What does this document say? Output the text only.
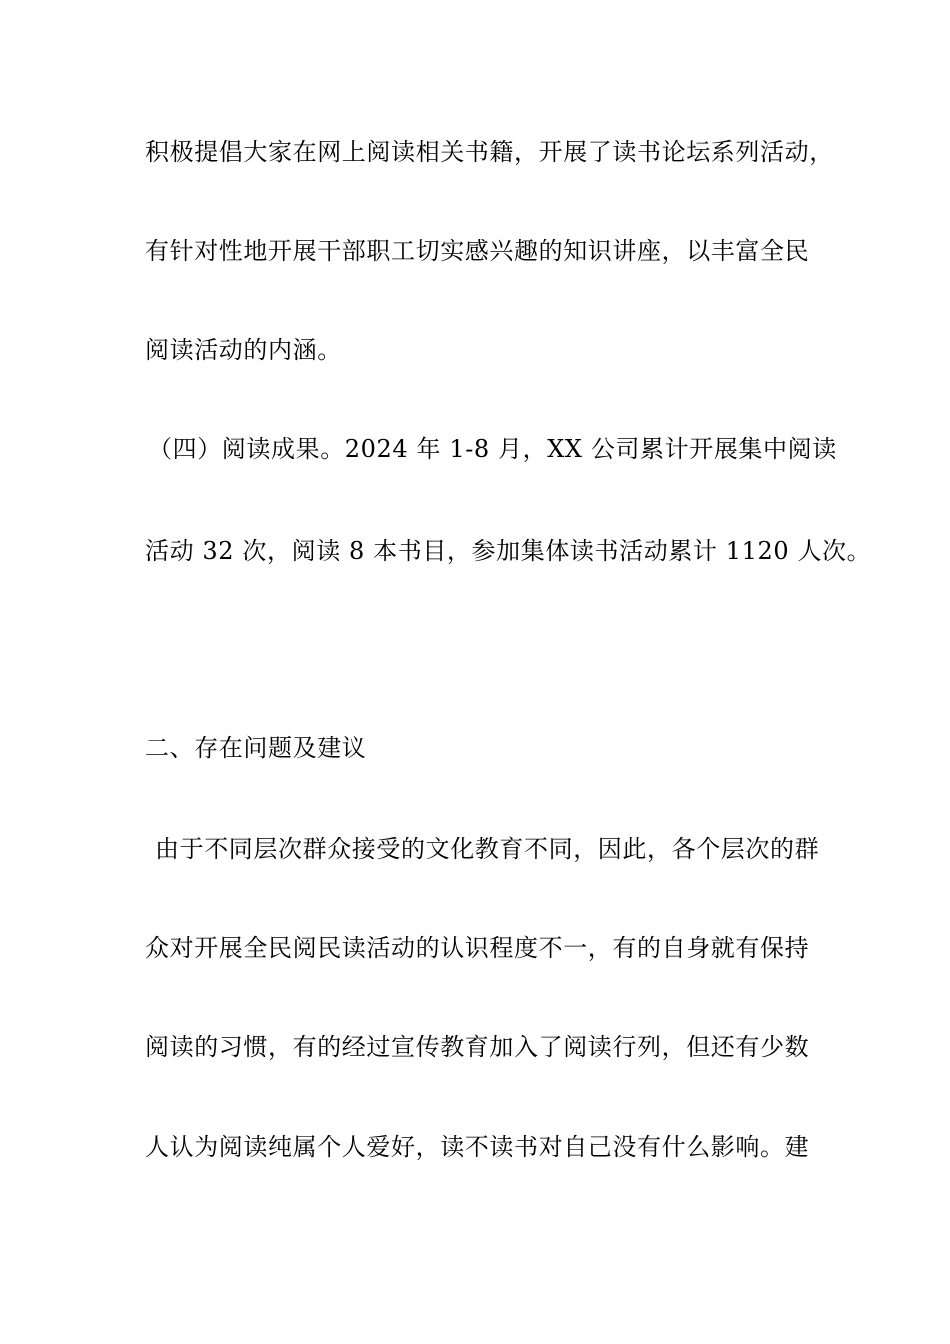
积极提倡大家在网上阅读相关书籍，开展了读书论坛系列活动，
有针对性地开展干部职工切实感兴趣的知识讲座，以丰富全民
阅读活动的内涵。
（四）阅读成果。2024 年 1-8 月，XX 公司累计开展集中阅读
活动 32 次，阅读 8 本书目，参加集体读书活动累计 1120 人次。
二、存在问题及建议
由于不同层次群众接受的文化教育不同，因此，各个层次的群
众对开展全民阅民读活动的认识程度不一，有的自身就有保持
阅读的习惯，有的经过宣传教育加入了阅读行列，但还有少数
人认为阅读纯属个人爱好，读不读书对自己没有什么影响。建
